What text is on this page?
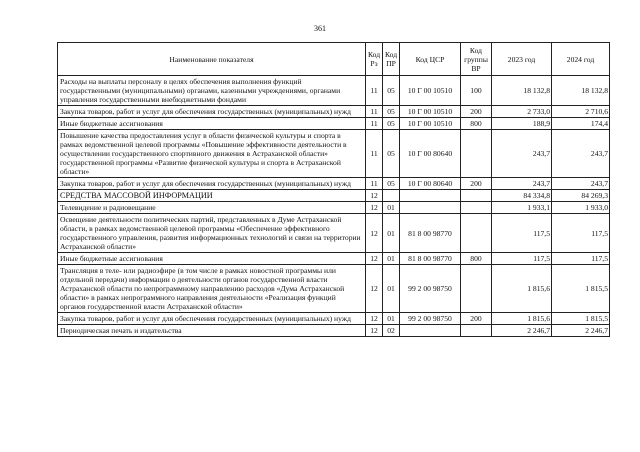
361
Наименование показателя	Код Рз	Код ПР	Код ЦСР	Код группы ВР	2023 год	2024 год
Расходы на выплаты персоналу в целях обеспечения выполнения функций государственными (муниципальными) органами, казенными учреждениями, органами управления государственными внебюджетными фондами	11	05	10 Г 00 10510	100	18 132,8	18 132,8
Закупка товаров, работ и услуг для обеспечения государственных (муниципальных) нужд	11	05	10 Г 00 10510	200	2 733,0	2 710,6
Иные бюджетные ассигнования	11	05	10 Г 00 10510	800	188,9	174,4
Повышение качества предоставления услуг в области физической культуры и спорта в рамках ведомственной целевой программы «Повышение эффективности деятельности в осуществлении государственного спортивного движения в Астраханской области» государственной программы «Развитие физической культуры и спорта в Астраханской области»	11	05	10 Г 00 80640		243,7	243,7
Закупка товаров, работ и услуг для обеспечения государственных (муниципальных) нужд	11	05	10 Г 00 80640	200	243,7	243,7
СРЕДСТВА МАССОВОЙ ИНФОРМАЦИИ	12				84 334,8	84 269,3
Телевидение и радиовещание	12	01			1 933,1	1 933,0
Освещение деятельности политических партий, представленных в Думе Астраханской области, в рамках ведомственной целевой программы «Обеспечение эффективного государственного управления, развития информационных технологий и связи на территории Астраханской области»	12	01	81 8 00 98770		117,5	117,5
Иные бюджетные ассигнования	12	01	81 8 00 98770	800	117,5	117,5
Трансляция в теле- или радиоэфире (в том числе в рамках новостной программы или отдельной передачи) информации о деятельности органов государственной власти Астраханской области по непрограммному направлению расходов «Дума Астраханской области» в рамках непрограммного направления деятельности «Реализация функций органов государственной власти Астраханской области»	12	01	99 2 00 98750		1 815,6	1 815,5
Закупка товаров, работ и услуг для обеспечения государственных (муниципальных) нужд	12	01	99 2 00 98750	200	1 815,6	1 815,5
Периодическая печать и издательства	12	02			2 246,7	2 246,7
